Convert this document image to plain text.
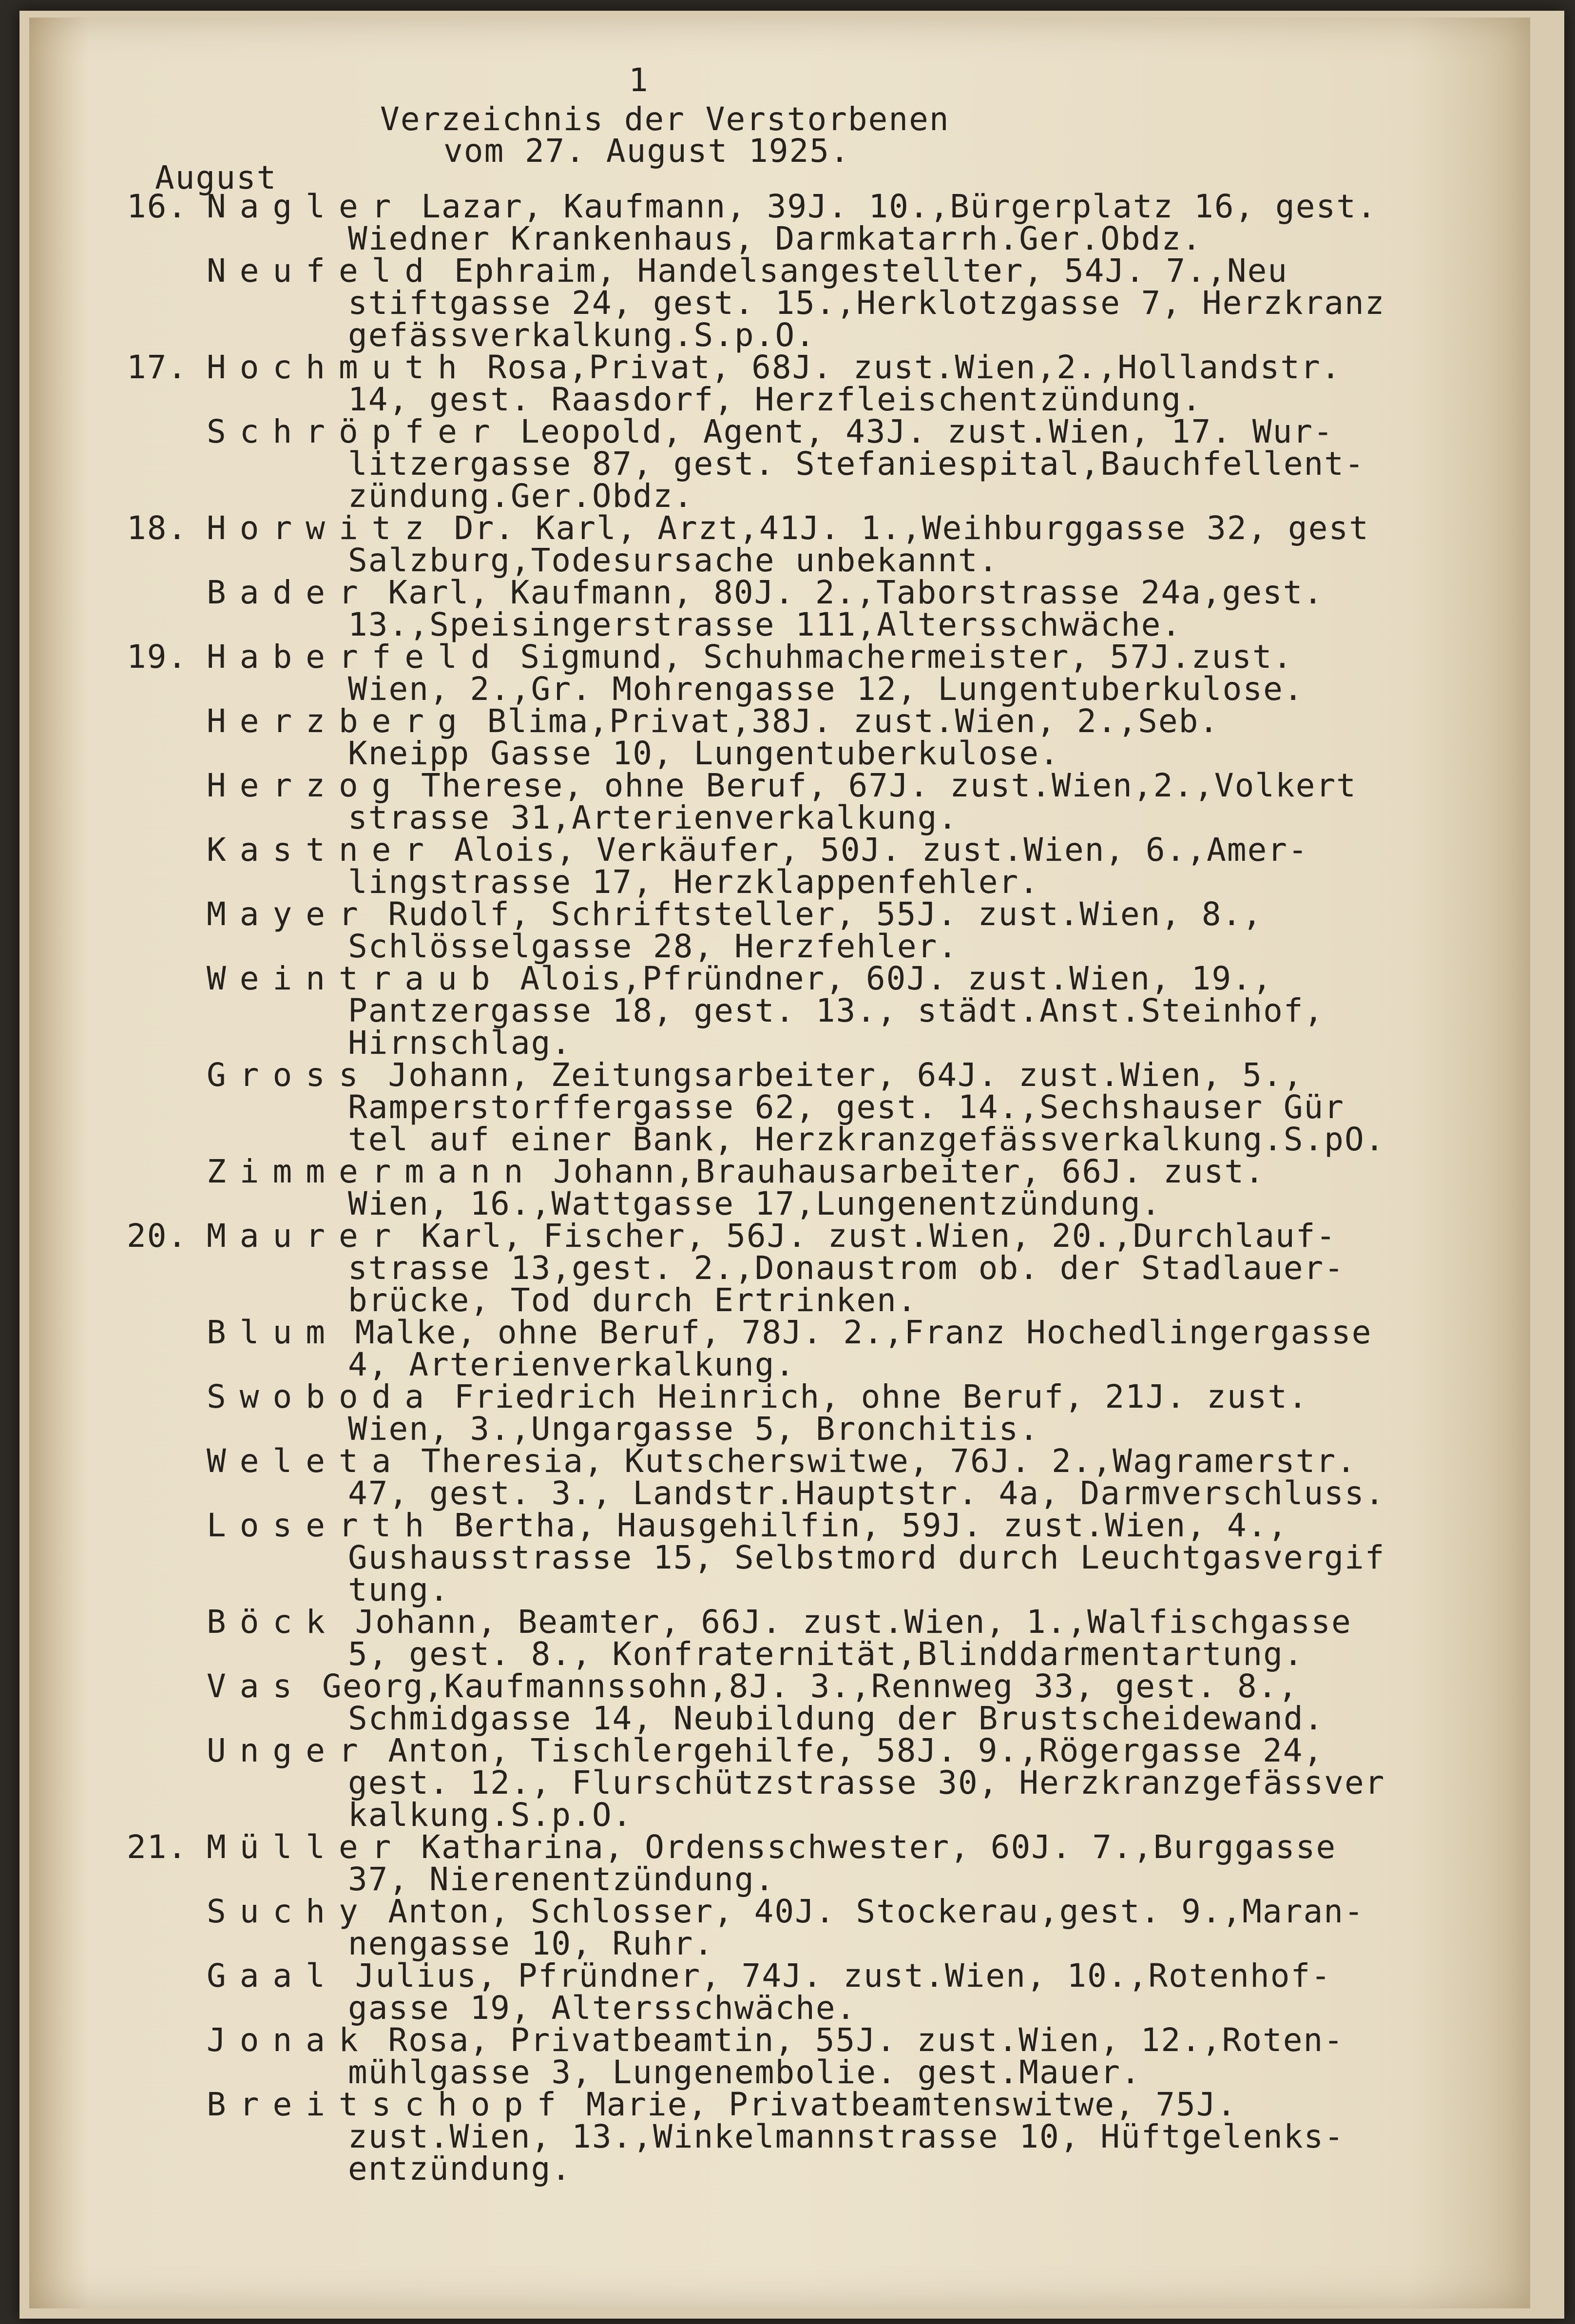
1
Verzeichnis der Verstorbenen
vom 27. August 1925.
August
16. Nagler Lazar, Kaufmann, 39J. 10.,Bürgerplatz 16, gest.
Wiedner Krankenhaus, Darmkatarrh.Ger.Obdz.
Neufeld Ephraim, Handelsangestellter, 54J. 7.,Neu
stiftgasse 24, gest. 15.,Herklotzgasse 7, Herzkranz
gefässverkalkung.S.p.O.
17. Hochmuth Rosa,Privat, 68J. zust.Wien,2.,Hollandstr.
14, gest. Raasdorf, Herzfleischentzündung.
Schröpfer Leopold, Agent, 43J. zust.Wien, 17. Wur-
litzergasse 87, gest. Stefaniespital,Bauchfellent-
zündung.Ger.Obdz.
18. Horwitz Dr. Karl, Arzt,41J. 1.,Weihburggasse 32, gest
Salzburg,Todesursache unbekannt.
Bader Karl, Kaufmann, 80J. 2.,Taborstrasse 24a,gest.
13.,Speisingerstrasse 111,Altersschwäche.
19. Haberfeld Sigmund, Schuhmachermeister, 57J.zust.
Wien, 2.,Gr. Mohrengasse 12, Lungentuberkulose.
Herzberg Blima,Privat,38J. zust.Wien, 2.,Seb.
Kneipp Gasse 10, Lungentuberkulose.
Herzog Therese, ohne Beruf, 67J. zust.Wien,2.,Volkert
strasse 31,Arterienverkalkung.
Kastner Alois, Verkäufer, 50J. zust.Wien, 6.,Amer-
lingstrasse 17, Herzklappenfehler.
Mayer Rudolf, Schriftsteller, 55J. zust.Wien, 8.,
Schlösselgasse 28, Herzfehler.
Weintraub Alois,Pfründner, 60J. zust.Wien, 19.,
Pantzergasse 18, gest. 13., städt.Anst.Steinhof,
Hirnschlag.
Gross Johann, Zeitungsarbeiter, 64J. zust.Wien, 5.,
Ramperstorffergasse 62, gest. 14.,Sechshauser Gür
tel auf einer Bank, Herzkranzgefässverkalkung.S.pO.
Zimmermann Johann,Brauhausarbeiter, 66J. zust.
Wien, 16.,Wattgasse 17,Lungenentzündung.
20. Maurer Karl, Fischer, 56J. zust.Wien, 20.,Durchlauf-
strasse 13,gest. 2.,Donaustrom ob. der Stadlauer-
brücke, Tod durch Ertrinken.
Blum Malke, ohne Beruf, 78J. 2.,Franz Hochedlingergasse
4, Arterienverkalkung.
Swoboda Friedrich Heinrich, ohne Beruf, 21J. zust.
Wien, 3.,Ungargasse 5, Bronchitis.
Weleta Theresia, Kutscherswitwe, 76J. 2.,Wagramerstr.
47, gest. 3., Landstr.Hauptstr. 4a, Darmverschluss.
Loserth Bertha, Hausgehilfin, 59J. zust.Wien, 4.,
Gushausstrasse 15, Selbstmord durch Leuchtgasvergif
tung.
Böck Johann, Beamter, 66J. zust.Wien, 1.,Walfischgasse
5, gest. 8., Konfraternität,Blinddarmentartung.
Vas Georg,Kaufmannssohn,8J. 3.,Rennweg 33, gest. 8.,
Schmidgasse 14, Neubildung der Brustscheidewand.
Unger Anton, Tischlergehilfe, 58J. 9.,Rögergasse 24,
gest. 12., Flurschützstrasse 30, Herzkranzgefässver
kalkung.S.p.O.
21. Müller Katharina, Ordensschwester, 60J. 7.,Burggasse
37, Nierenentzündung.
Suchy Anton, Schlosser, 40J. Stockerau,gest. 9.,Maran-
nengasse 10, Ruhr.
Gaal Julius, Pfründner, 74J. zust.Wien, 10.,Rotenhof-
gasse 19, Altersschwäche.
Jonak Rosa, Privatbeamtin, 55J. zust.Wien, 12.,Roten-
mühlgasse 3, Lungenembolie. gest.Mauer.
Breitschopf Marie, Privatbeamtenswitwe, 75J.
zust.Wien, 13.,Winkelmannstrasse 10, Hüftgelenks-
entzündung.
